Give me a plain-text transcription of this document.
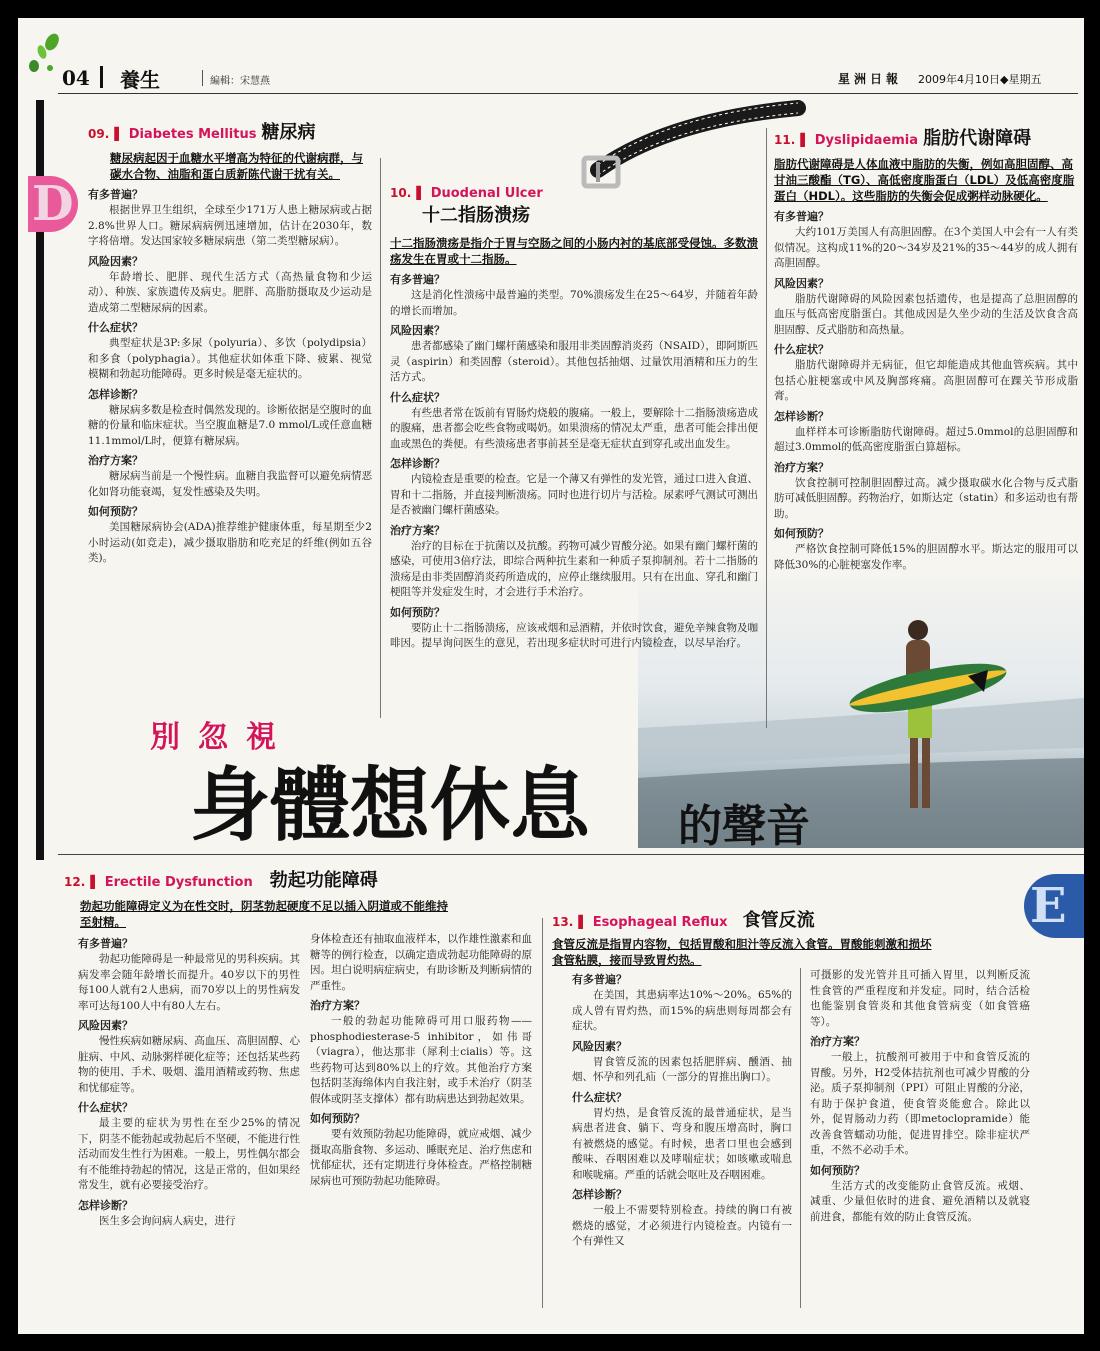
04 養生	編輯：宋慧燕	星洲日報 2009年4月10日◆星期五
D
別忽視
身體想休息 的聲音
09. ▌ Diabetes Mellitus 糖尿病
糖尿病起因于血糖水平增高为特征的代谢病群，与碳水合物、油脂和蛋白质新陈代谢干扰有关。
有多普遍？

根据世界卫生组织，全球至少171万人患上糖尿病或占据2.8%世界人口。糖尿病病例迅速增加，估计在2030年，数字将倍增。发达国家较多糖尿病患（第二类型糖尿病）。

风险因素？

年龄增长、肥胖、现代生活方式（高热量食物和少运动）、种族、家族遗传及病史。肥胖、高脂肪摄取及少运动是造成第二型糖尿病的因素。

什么症状？

典型症状是3P:多尿（polyuria）、多饮（polydipsia）和多食（polyphagia）。其他症状如体重下降、疲累、视觉模糊和勃起功能障碍。更多时候是毫无症状的。

怎样诊断？

糖尿病多数是检查时偶然发现的。诊断依据是空腹时的血糖的份量和临床症状。当空腹血糖是7.0 mmol/L或任意血糖11.1mmol/L时，便算有糖尿病。

治疗方案？

糖尿病当前是一个慢性病。血糖自我监督可以避免病情恶化如肾功能衰竭，复发性感染及失明。

如何预防？

美国糖尿病协会(ADA)推荐维护健康体重，每星期至少2小时运动(如竞走)，减少摄取脂肪和吃充足的纤维(例如五谷类)。

10. ▌ Duodenal Ulcer
十二指肠溃疡
十二指肠溃疡是指介于胃与空肠之间的小肠内衬的基底部受侵蚀。多数溃疡发生在胃或十二指肠。
有多普遍？

这是消化性溃疡中最普遍的类型。70%溃疡发生在25～64岁，并随着年龄的增长而增加。

风险因素？

患者都感染了幽门螺杆菌感染和服用非类固醇消炎药（NSAID），即阿斯匹灵（aspirin）和类固醇（steroid）。其他包括抽烟、过量饮用酒精和压力的生活方式。

什么症状？

有些患者常在饭前有胃肠灼烧般的腹痛。一般上，要解除十二指肠溃疡造成的腹痛，患者都会吃些食物或喝奶。如果溃疡的情况太严重，患者可能会排出便血或黑色的粪便。有些溃疡患者事前甚至是毫无症状直到穿孔或出血发生。

怎样诊断？

内镜检查是重要的检查。它是一个薄又有弹性的发光管，通过口进入食道、胃和十二指肠，并直接判断溃疡。同时也进行切片与活检。尿素呼气测试可测出是否被幽门螺杆菌感染。

治疗方案？

治疗的目标在于抗菌以及抗酸。药物可减少胃酸分泌。如果有幽门螺杆菌的感染，可使用3倍疗法，即综合两种抗生素和一种质子泵抑制剂。若十二指肠的溃疡是由非类固醇消炎药所造成的，应停止继续服用。只有在出血、穿孔和幽门梗阻等并发症发生时，才会进行手术治疗。

如何预防？

要防止十二指肠溃疡，应该戒烟和忌酒精，并依时饮食，避免辛辣食物及咖啡因。提早询问医生的意见，若出现多症状时可进行内镜检查，以尽早治疗。

11. ▌ Dyslipidaemia 脂肪代谢障碍
脂肪代谢障碍是人体血液中脂肪的失衡，例如高胆固醇、高甘油三酸酯（TG）、高低密度脂蛋白（LDL）及低高密度脂蛋白（HDL）。这些脂肪的失衡会促成粥样动脉硬化。
有多普遍？

大约101万美国人有高胆固醇。在3个美国人中会有一人有类似情况。这构成11%的20～34岁及21%的35～44岁的成人拥有高胆固醇。

风险因素？

脂肪代谢障碍的风险因素包括遗传，也是提高了总胆固醇的血压与低高密度脂蛋白。其他成因是久坐少动的生活及饮食含高胆固醇、反式脂肪和高热量。

什么症状？

脂肪代谢障碍并无病征，但它却能造成其他血管疾病。其中包括心脏梗塞或中风及胸部疼痛。高胆固醇可在踝关节形成脂膏。

怎样诊断？

血样样本可诊断脂肪代谢障碍。超过5.0mmol的总胆固醇和超过3.0mmol的低高密度脂蛋白算超标。

治疗方案？

饮食控制可控制胆固醇过高。减少摄取碳水化合物与反式脂肪可减低胆固醇。药物治疗，如斯达定（statin）和多运动也有帮助。

如何预防？

严格饮食控制可降低15%的胆固醇水平。斯达定的服用可以降低30%的心脏梗塞发作率。

E
12. ▌ Erectile Dysfunction 勃起功能障碍
勃起功能障碍定义为在性交时，阴茎勃起硬度不足以插入阴道或不能维持至射精。
有多普遍？

勃起功能障碍是一种最常见的男科疾病。其病发率会随年龄增长而提升。40岁以下的男性每100人就有2人患病，而70岁以上的男性病发率可达每100人中有80人左右。

风险因素？

慢性疾病如糖尿病、高血压、高胆固醇、心脏病、中风、动脉粥样硬化症等；还包括某些药物的使用、手术、吸烟、滥用酒精或药物、焦虑和忧郁症等。

什么症状？

最主要的症状为男性在至少25%的情况下，阴茎不能勃起或勃起后不坚硬，不能进行性活动而发生性行为困难。一般上，男性偶尔都会有不能维持勃起的情况，这是正常的，但如果经常发生，就有必要接受治疗。

怎样诊断？

医生多会询问病人病史，进行

身体检查还有抽取血液样本，以作雄性激素和血糖等的例行检查，以确定造成勃起功能障碍的原因。坦白说明病症病史，有助诊断及判断病情的严重性。

治疗方案？

一般的勃起功能障碍可用口服药物——phosphodiesterase-5 inhibitor，如伟哥（viagra），他达那非（犀利士cialis）等。这些药物可达到80%以上的疗效。其他治疗方案包括阴茎海绵体内自我注射，或手术治疗（阴茎假体或阴茎支撑体）都有助病患达到勃起效果。

如何预防？

要有效预防勃起功能障碍，就应戒烟、减少摄取高脂食物、多运动、睡眠充足、治疗焦虑和忧郁症状，还有定期进行身体检查。严格控制糖尿病也可预防勃起功能障碍。

13. ▌ Esophageal Reflux 食管反流
食管反流是指胃内容物，包括胃酸和胆汁等反流入食管。胃酸能刺激和损坏食管粘膜，接而导致胃灼热。
有多普遍？

在美国，其患病率达10%～20%。65%的成人曾有胃灼热，而15%的病患则每周都会有症状。

风险因素？

胃食管反流的因素包括肥胖病、醺酒、抽烟、怀孕和列孔疝（一部分的胃推出胸口）。

什么症状？

胃灼热，是食管反流的最普通症状，是当病患者进食、躺下、弯身和腹压增高时，胸口有被燃烧的感觉。有时候，患者口里也会感到酸味、吞咽困难以及哮喘症状；如咳嗽或喘息和喉咙痛。严重的话就会呕吐及吞咽困难。

怎样诊断？

一般上不需要特别检查。持续的胸口有被燃烧的感觉，才必须进行内镜检查。内镜有一个有弹性又

可摄影的发光管并且可插入胃里，以判断反流性食管的严重程度和并发症。同时，结合活检也能鉴别食管炎和其他食管病变（如食管癌等）。

治疗方案？

一般上，抗酸剂可被用于中和食管反流的胃酸。另外，H2受体拮抗剂也可减少胃酸的分泌。质子泵抑制剂（PPI）可阻止胃酸的分泌，有助于保护食道，使食管炎能愈合。除此以外，促胃肠动力药（即metoclopramide）能改善食管蠕动功能，促进胃排空。除非症状严重，不然不必动手术。

如何预防？

生活方式的改变能防止食管反流。戒烟、减重、少量但依时的进食、避免酒精以及就寝前进食，都能有效的防止食管反流。
